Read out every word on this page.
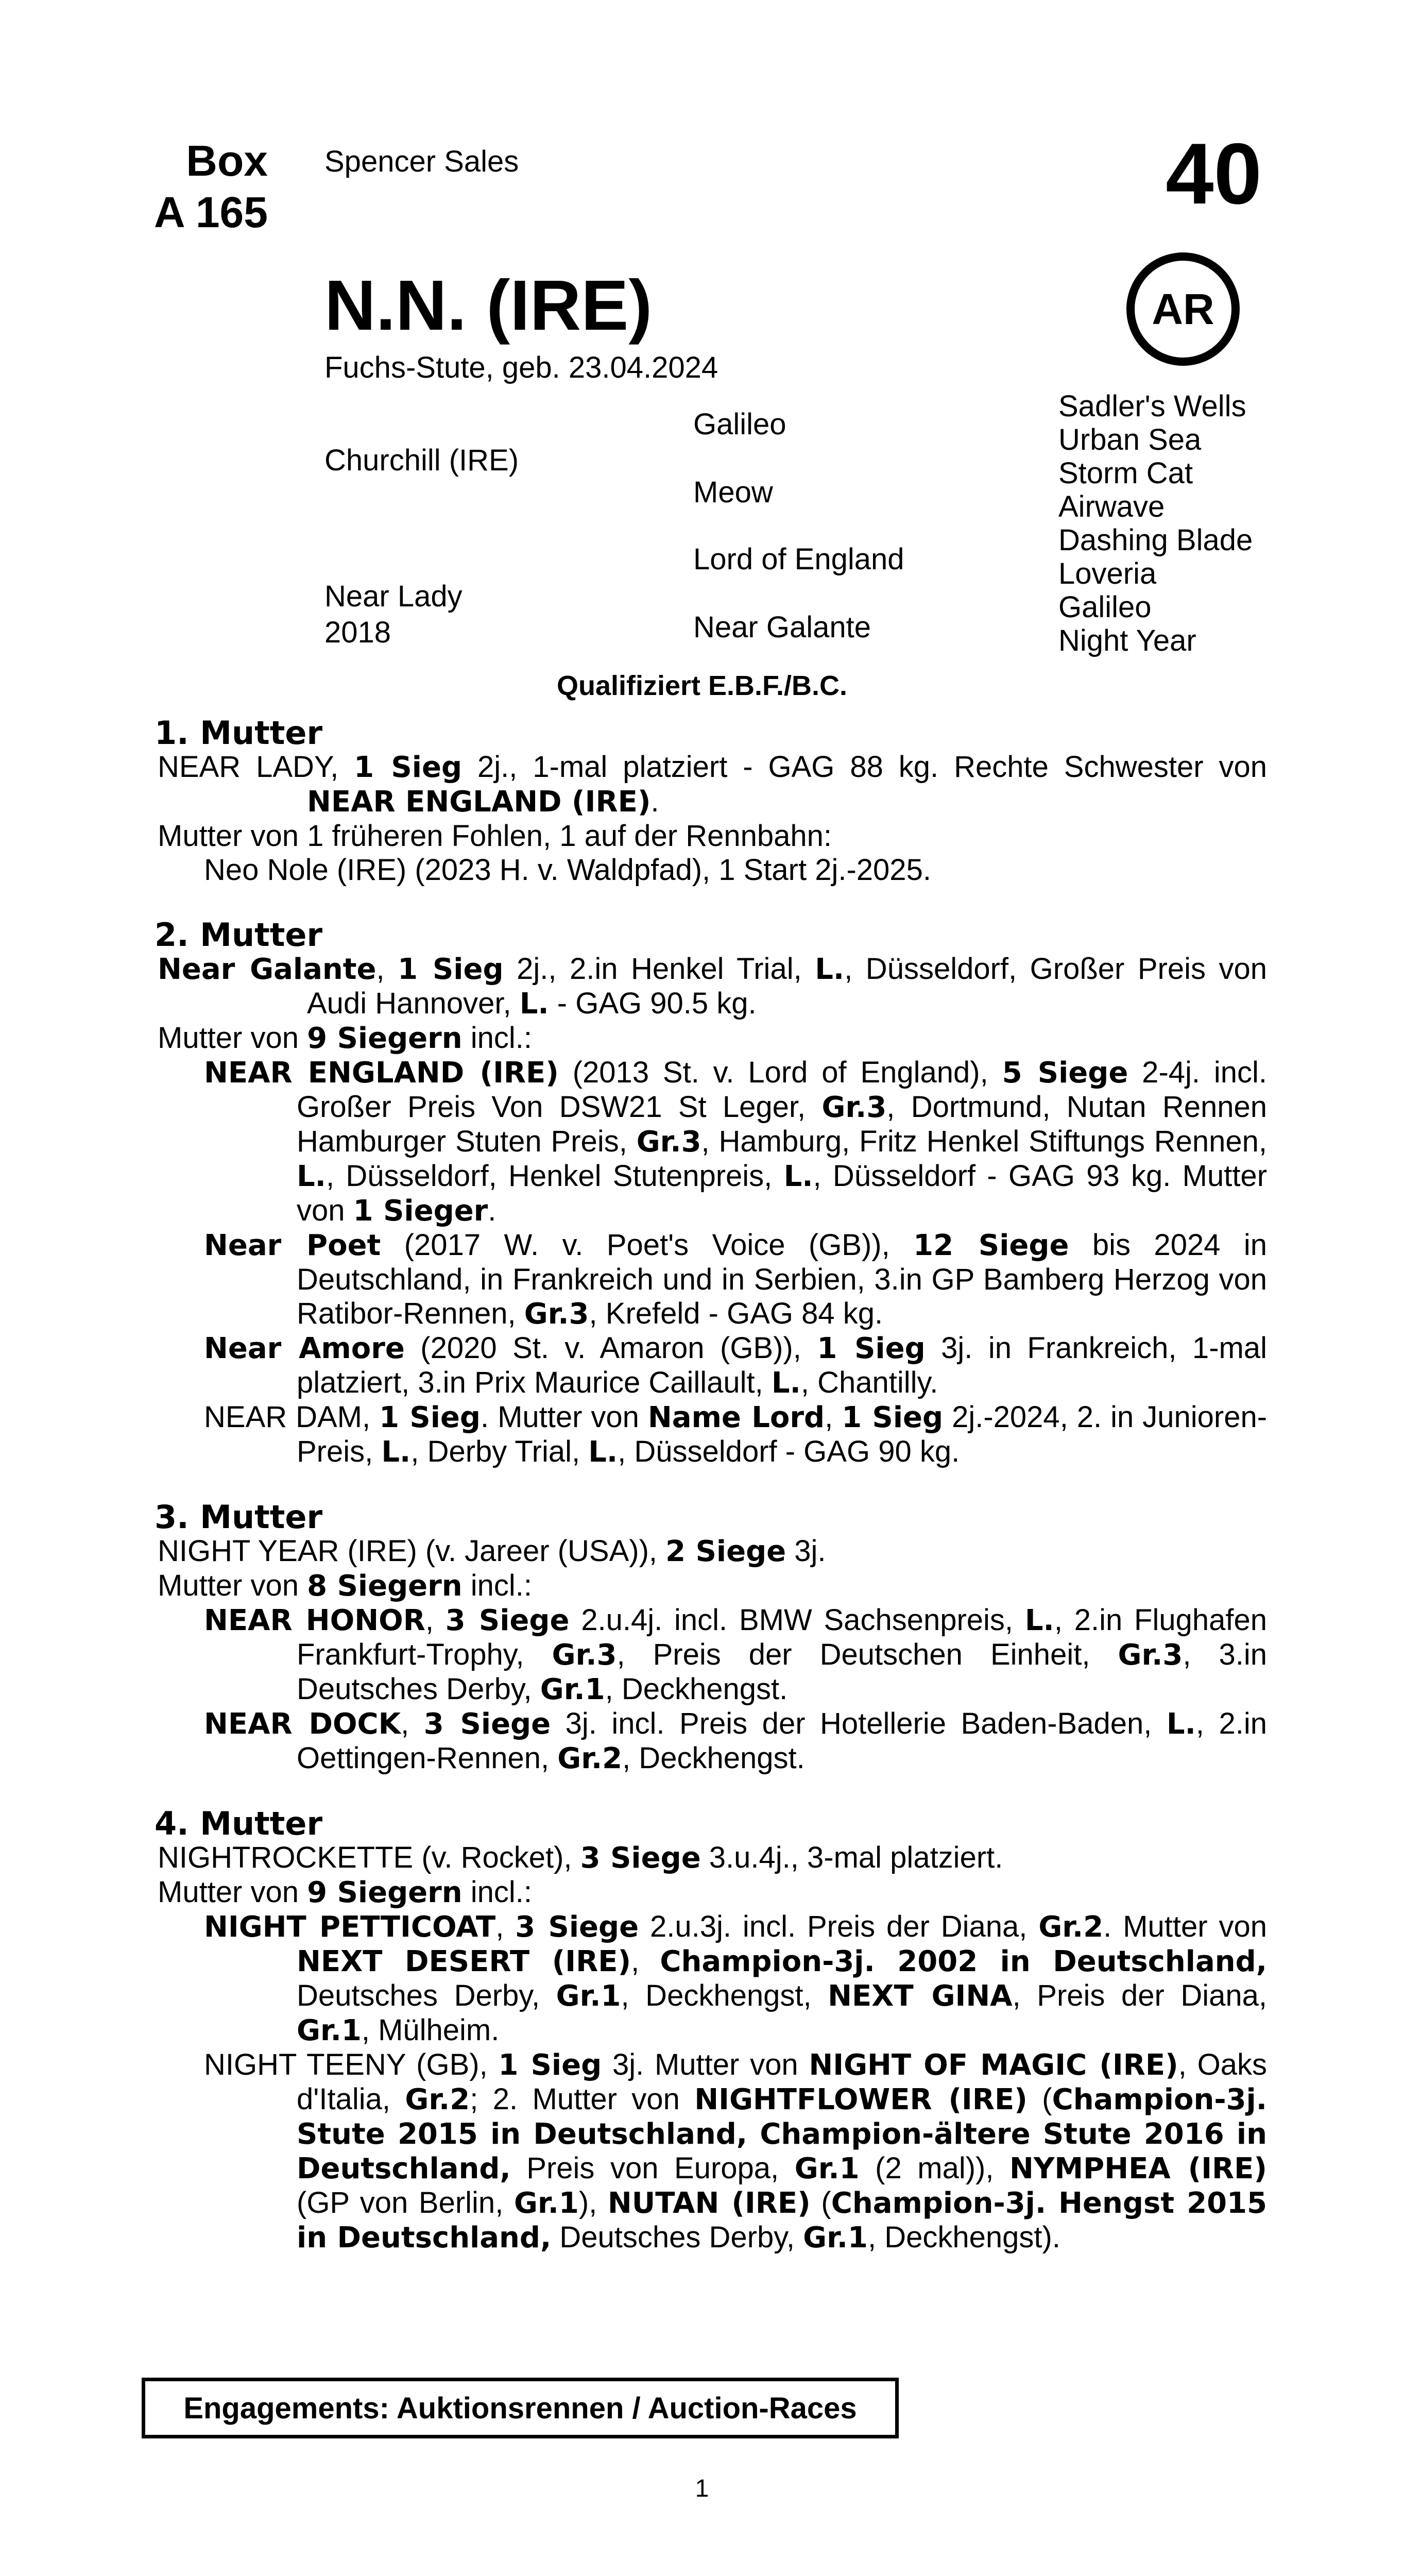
Box
A 165
Spencer Sales	40
AR
N.N. (IRE)
Fuchs-Stute, geb. 23.04.2024
Churchill (IRE)
Near Lady
2018
Galileo
Meow
Lord of England
Near Galante
Sadler's Wells
Urban Sea
Storm Cat
Airwave
Dashing Blade
Loveria
Galileo
Night Year
Qualifiziert E.B.F./B.C.
1. Mutter
NEAR LADY, 1 Sieg 2j., 1-mal platziert - GAG 88 kg. Rechte Schwester von NEAR ENGLAND (IRE).
Mutter von 1 früheren Fohlen, 1 auf der Rennbahn:
Neo Nole (IRE) (2023 H. v. Waldpfad), 1 Start 2j.-2025.
2. Mutter
Near Galante, 1 Sieg 2j., 2.in Henkel Trial, L., Düsseldorf, Großer Preis von Audi Hannover, L. - GAG 90.5 kg.
Mutter von 9 Siegern incl.:
NEAR ENGLAND (IRE) (2013 St. v. Lord of England), 5 Siege 2-4j. incl. Großer Preis Von DSW21 St Leger, Gr.3, Dortmund, Nutan Rennen Hamburger Stuten Preis, Gr.3, Hamburg, Fritz Henkel Stiftungs Rennen, L., Düsseldorf, Henkel Stutenpreis, L., Düsseldorf - GAG 93 kg. Mutter von 1 Sieger.
Near Poet (2017 W. v. Poet's Voice (GB)), 12 Siege bis 2024 in Deutschland, in Frankreich und in Serbien, 3.in GP Bamberg Herzog von Ratibor-Rennen, Gr.3, Krefeld - GAG 84 kg.
Near Amore (2020 St. v. Amaron (GB)), 1 Sieg 3j. in Frankreich, 1-mal platziert, 3.in Prix Maurice Caillault, L., Chantilly.
NEAR DAM, 1 Sieg. Mutter von Name Lord, 1 Sieg 2j.-2024, 2. in Junioren-Preis, L., Derby Trial, L., Düsseldorf - GAG 90 kg.
3. Mutter
NIGHT YEAR (IRE) (v. Jareer (USA)), 2 Siege 3j.
Mutter von 8 Siegern incl.:
NEAR HONOR, 3 Siege 2.u.4j. incl. BMW Sachsenpreis, L., 2.in Flughafen Frankfurt-Trophy, Gr.3, Preis der Deutschen Einheit, Gr.3, 3.in Deutsches Derby, Gr.1, Deckhengst.
NEAR DOCK, 3 Siege 3j. incl. Preis der Hotellerie Baden-Baden, L., 2.in Oettingen-Rennen, Gr.2, Deckhengst.
4. Mutter
NIGHTROCKETTE (v. Rocket), 3 Siege 3.u.4j., 3-mal platziert.
Mutter von 9 Siegern incl.:
NIGHT PETTICOAT, 3 Siege 2.u.3j. incl. Preis der Diana, Gr.2. Mutter von NEXT DESERT (IRE), Champion-3j. 2002 in Deutschland, Deutsches Derby, Gr.1, Deckhengst, NEXT GINA, Preis der Diana, Gr.1, Mülheim.
NIGHT TEENY (GB), 1 Sieg 3j. Mutter von NIGHT OF MAGIC (IRE), Oaks d'Italia, Gr.2; 2. Mutter von NIGHTFLOWER (IRE) (Champion-3j. Stute 2015 in Deutschland, Champion-ältere Stute 2016 in Deutschland, Preis von Europa, Gr.1 (2 mal)), NYMPHEA (IRE) (GP von Berlin, Gr.1), NUTAN (IRE) (Champion-3j. Hengst 2015 in Deutschland, Deutsches Derby, Gr.1, Deckhengst).
Engagements: Auktionsrennen / Auction-Races
1
